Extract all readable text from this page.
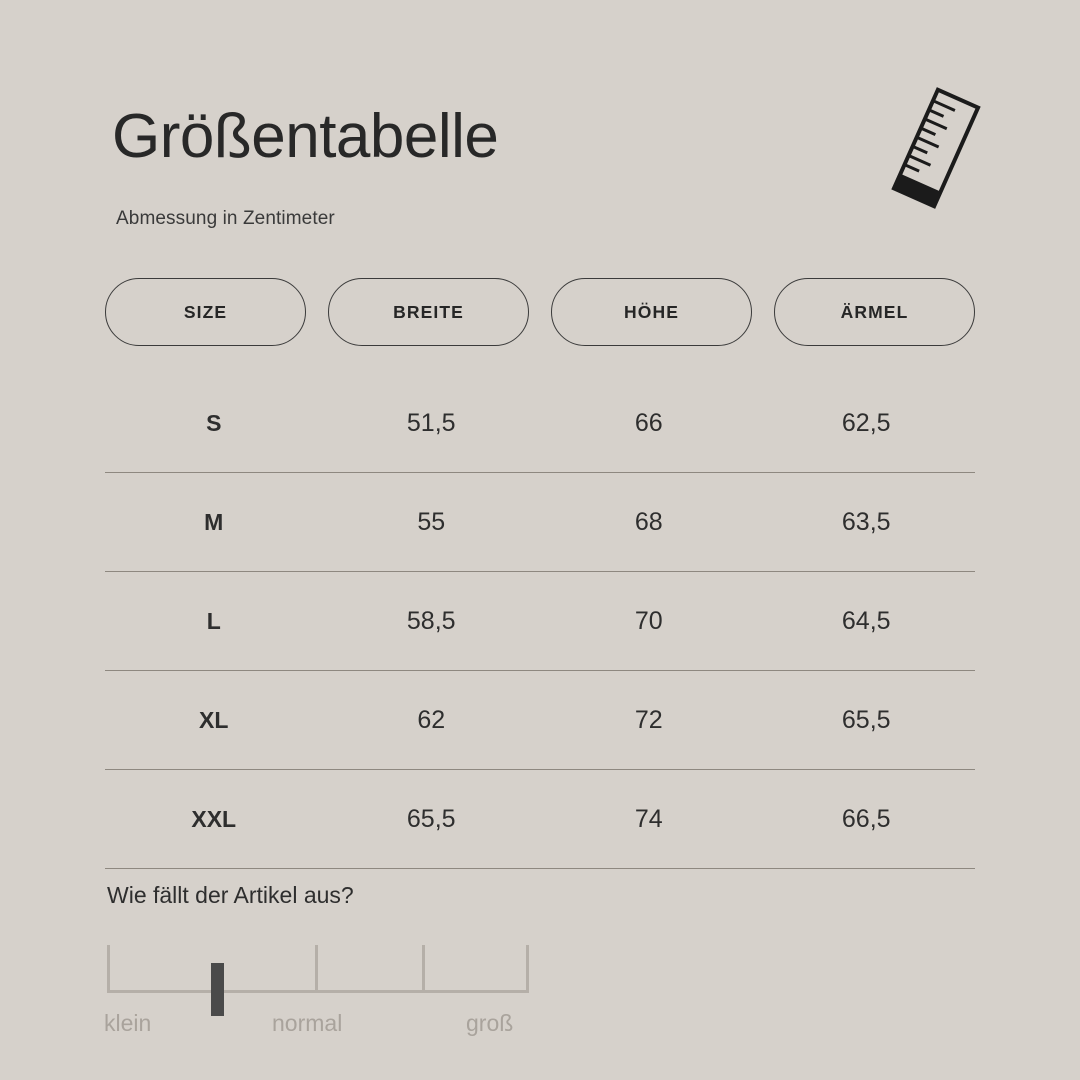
Größentabelle
Abmessung in Zentimeter
SIZE	BREITE	HÖHE	ÄRMEL
S	51,5	66	62,5
M	55	68	63,5
L	58,5	70	64,5
XL	62	72	65,5
XXL	65,5	74	66,5
Wie fällt der Artikel aus?
klein	normal	groß
